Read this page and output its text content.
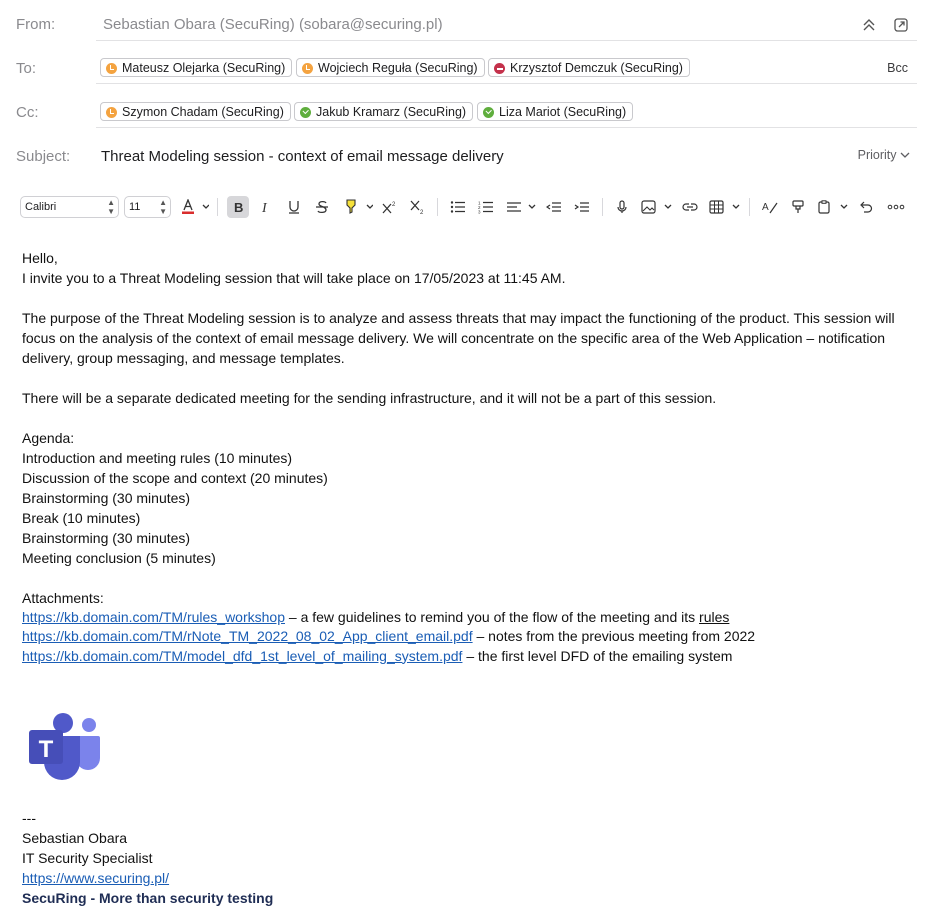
From:	Sebastian Obara (SecuRing) (sobara@securing.pl)
To:	Mateusz Olejarka (SecuRing)	Wojciech Reguła (SecuRing)	Krzysztof Demczuk (SecuRing)	Bcc
Cc:	Szymon Chadam (SecuRing)	Jakub Kramarz (SecuRing)	Liza Mariot (SecuRing)
Subject: Threat Modeling session - context of email message delivery	Priority
Calibri	▲
▼	11 ▲
▼	B I	2
2
1
2
3	A

Hello,

I invite you to a Threat Modeling session that will take place on 17/05/2023 at 11:45 AM.

The purpose of the Threat Modeling session is to analyze and assess threats that may impact the functioning of the product. This session will focus on the analysis of the context of email message delivery. We will concentrate on the specific area of the Web Application – notification delivery, group messaging, and message templates.

There will be a separate dedicated meeting for the sending infrastructure, and it will not be a part of this session.

Agenda:

Introduction and meeting rules (10 minutes)

Discussion of the scope and context (20 minutes)

Brainstorming (30 minutes)

Break (10 minutes)

Brainstorming (30 minutes)

Meeting conclusion (5 minutes)

Attachments:

https://kb.domain.com/TM/rules_workshop – a few guidelines to remind you of the flow of the meeting and its rules
https://kb.domain.com/TM/rNote_TM_2022_08_02_App_client_email.pdf – notes from the previous meeting from 2022
https://kb.domain.com/TM/model_dfd_1st_level_of_mailing_system.pdf – the first level DFD of the emailing system
T
---
Sebastian Obara
IT Security Specialist
https://www.securing.pl/
SecuRing - More than security testing
